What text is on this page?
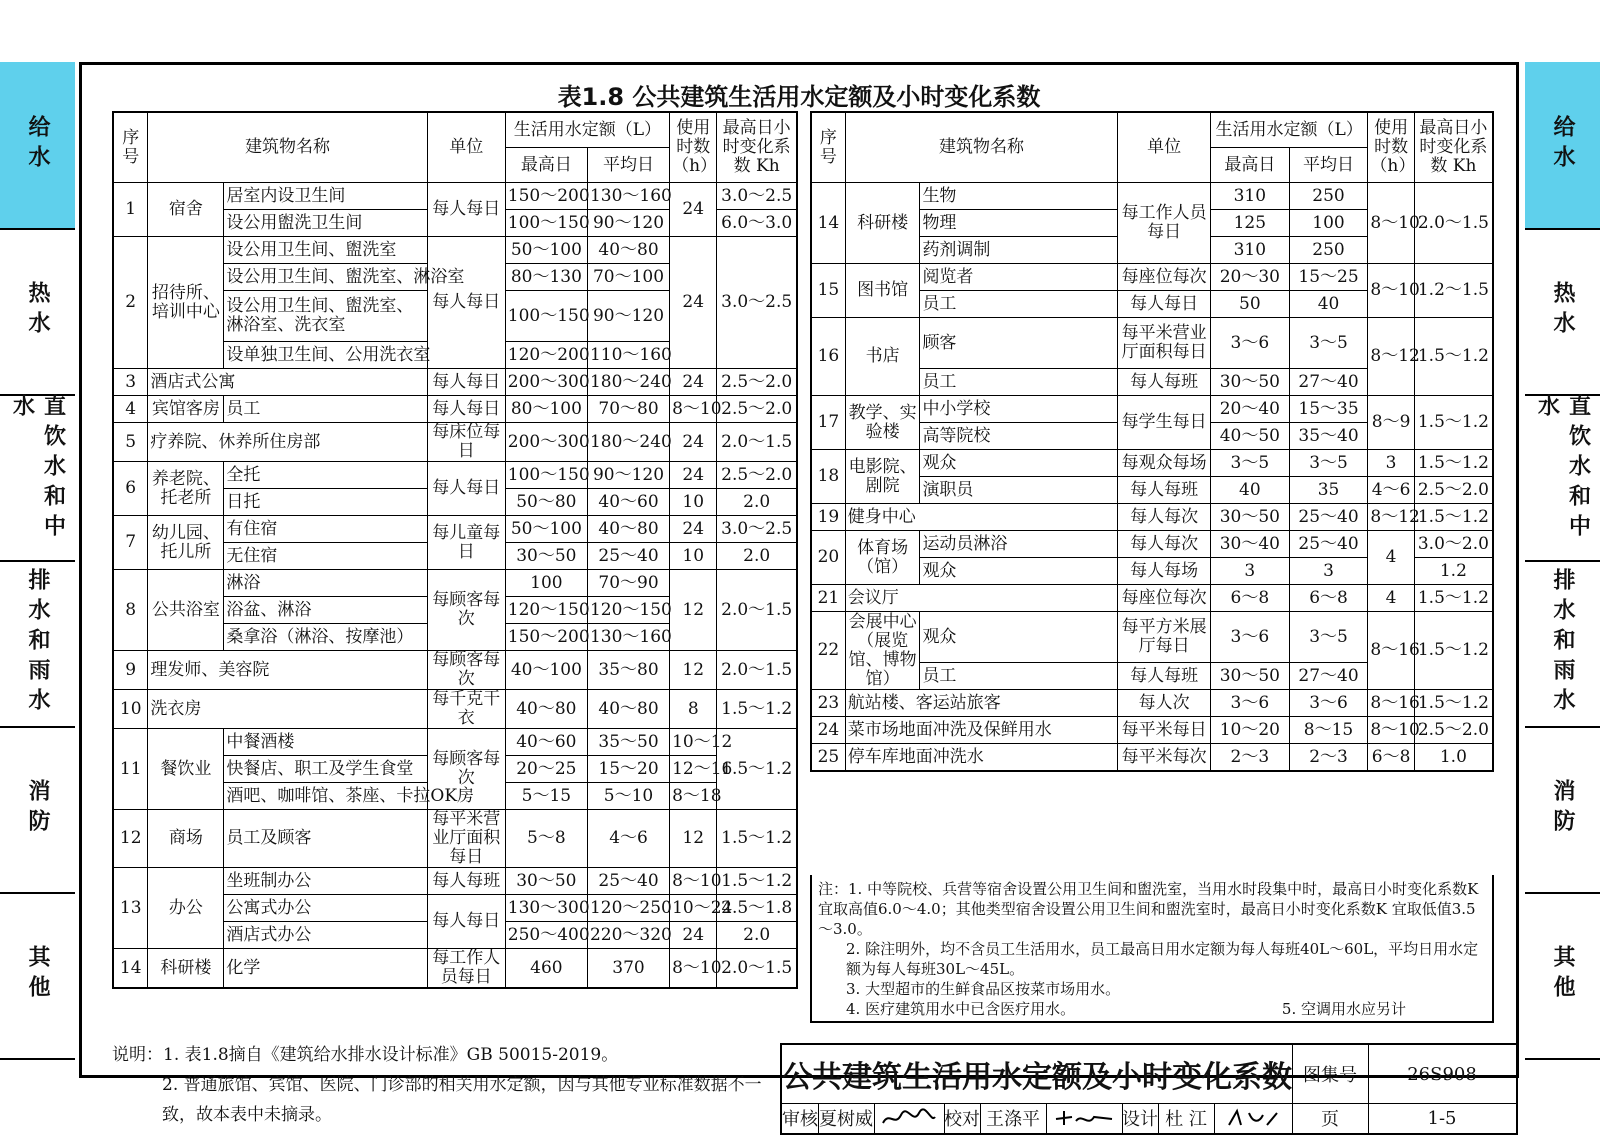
给水
热水
直饮水和中水
排水和雨水
消防
其他
给水
热水
直饮水和中水
排水和雨水
消防
其他
表1.8 公共建筑生活用水定额及小时变化系数
序号	建筑物名称		单位	生活用水定额（L）		使用时数（h）	最高日小时变化系数 Kh
				最高日	平均日		
1	宿舍	居室内设卫生间	每人每日	150～200	130～160	24	3.0～2.5
		设公用盥洗卫生间		100～150	90～120		6.0～3.0
2	招待所、培训中心	设公用卫生间、盥洗室	每人每日	50～100	40～80	24	3.0～2.5
		设公用卫生间、盥洗室、淋浴室		80～130	70～100		
		设公用卫生间、盥洗室、淋浴室、洗衣室		100～150	90～120		
		设单独卫生间、公用洗衣室		120～200	110～160		
3	酒店式公寓		每人每日	200～300	180～240	24	2.5～2.0
4	宾馆客房	员工	每人每日	80～100	70～80	8～10	2.5～2.0
5	疗养院、休养所住房部		每床位每日	200～300	180～240	24	2.0～1.5
6	养老院、托老所	全托	每人每日	100～150	90～120	24	2.5～2.0
		日托		50～80	40～60	10	2.0
7	幼儿园、托儿所	有住宿	每儿童每日	50～100	40～80	24	3.0～2.5
		无住宿		30～50	25～40	10	2.0
8	公共浴室	淋浴	每顾客每次	100	70～90	12	2.0～1.5
		浴盆、淋浴		120～150	120～150		
		桑拿浴（淋浴、按摩池）		150～200	130～160		
9	理发师、美容院		每顾客每次	40～100	35～80	12	2.0～1.5
10	洗衣房		每千克干衣	40～80	40～80	8	1.5～1.2
11	餐饮业	中餐酒楼	每顾客每次	40～60	35～50	10～12	1.5～1.2
		快餐店、职工及学生食堂		20～25	15～20	12～16	
		酒吧、咖啡馆、茶座、卡拉OK房		5～15	5～10	8～18	
12	商场	员工及顾客	每平米营业厅面积每日	5～8	4～6	12	1.5～1.2
13	办公	坐班制办公	每人每班	30～50	25～40	8～10	1.5～1.2
		公寓式办公	每人每日	130～300	120～250	10～24	2.5～1.8
		酒店式办公		250～400	220～320	24	2.0
14	科研楼	化学	每工作人员每日	460	370	8～10	2.0～1.5
序号	建筑物名称		单位	生活用水定额（L）		使用时数（h）	最高日小时变化系数 Kh
				最高日	平均日		
14	科研楼	生物	每工作人员每日	310	250	8～10	2.0～1.5
		物理		125	100		
		药剂调制		310	250		
15	图书馆	阅览者	每座位每次	20～30	15～25	8～10	1.2～1.5
		员工	每人每日	50	40		
16	书店	顾客	每平米营业厅面积每日	3～6	3～5	8～12	1.5～1.2
		员工	每人每班	30～50	27～40		
17	教学、实验楼	中小学校	每学生每日	20～40	15～35	8～9	1.5～1.2
		高等院校		40～50	35～40		
18	电影院、剧院	观众	每观众每场	3～5	3～5	3	1.5～1.2
		演职员	每人每班	40	35	4～6	2.5～2.0
19	健身中心		每人每次	30～50	25～40	8～12	1.5～1.2
20	体育场（馆）	运动员淋浴	每人每次	30～40	25～40	4	3.0～2.0
		观众	每人每场	3	3		1.2
21	会议厅		每座位每次	6～8	6～8	4	1.5～1.2
22	会展中心（展览馆、博物馆）	观众	每平方米展厅每日	3～6	3～5	8～16	1.5～1.2
		员工	每人每班	30～50	27～40		
23	航站楼、客运站旅客		每人次	3～6	3～6	8～16	1.5～1.2
24	菜市场地面冲洗及保鲜用水		每平米每日	10～20	8～15	8～10	2.5～2.0
25	停车库地面冲洗水		每平米每次	2～3	2～3	6～8	1.0

注：1. 中等院校、兵营等宿舍设置公用卫生间和盥洗室，当用水时段集中时，最高日小时变化系数K宜取高值6.0～4.0；其他类型宿舍设置公用卫生间和盥洗室时，最高日小时变化系数K 宜取低值3.5～3.0。

2. 除注明外，均不含员工生活用水，员工最高日用水定额为每人每班40L～60L，平均日用水定额为每人每班30L～45L。

3. 大型超市的生鲜食品区按菜市场用水。

4. 医疗建筑用水中已含医疗用水。	5. 空调用水应另计

说明：1. 表1.8摘自《建筑给水排水设计标准》GB 50015-2019。
2. 普通旅馆、宾馆、医院、门诊部的相关用水定额，因与其他专业标准数据不一致，故本表中未摘录。
公共建筑生活用水定额及小时变化系数 图集号	26S908
审核 夏树威	校对 王涤平	设计 杜 江	页	1-5
